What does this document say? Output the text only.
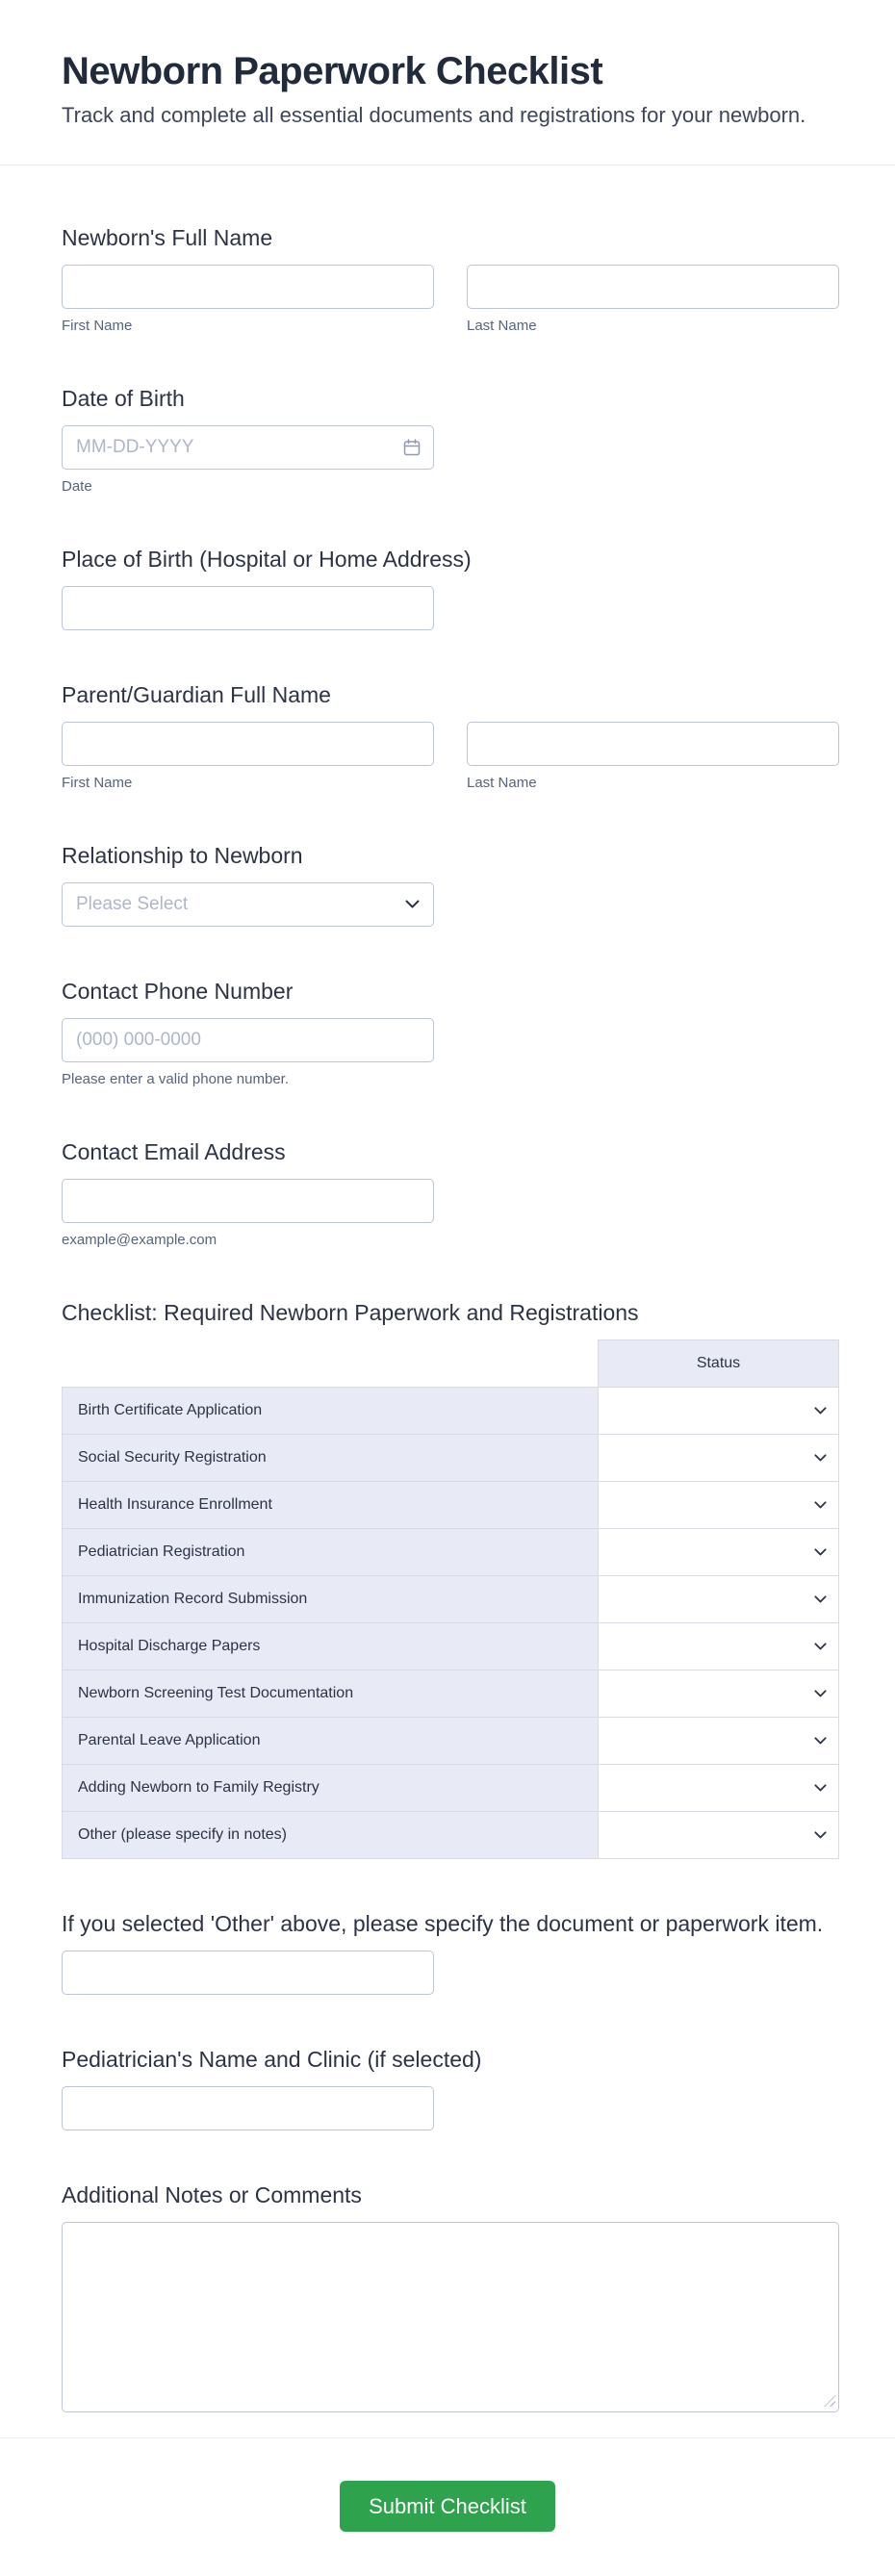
Newborn Paperwork Checklist

Track and complete all essential documents and registrations for your newborn.

Newborn's Full Name
First Name	Last Name
Date of Birth
MM-DD-YYYY
Date
Place of Birth (Hospital or Home Address)
Parent/Guardian Full Name
First Name	Last Name
Relationship to Newborn
Please Select
Contact Phone Number
(000) 000-0000
Please enter a valid phone number.
Contact Email Address
example@example.com
Checklist: Required Newborn Paperwork and Registrations
	Status
Birth Certificate Application	

Social Security Registration	

Health Insurance Enrollment	

Pediatrician Registration	

Immunization Record Submission	

Hospital Discharge Papers	

Newborn Screening Test Documentation	

Parental Leave Application	

Adding Newborn to Family Registry	

Other (please specify in notes)	
If you selected 'Other' above, please specify the document or paperwork item.
Pediatrician's Name and Clinic (if selected)
Additional Notes or Comments
Submit Checklist
